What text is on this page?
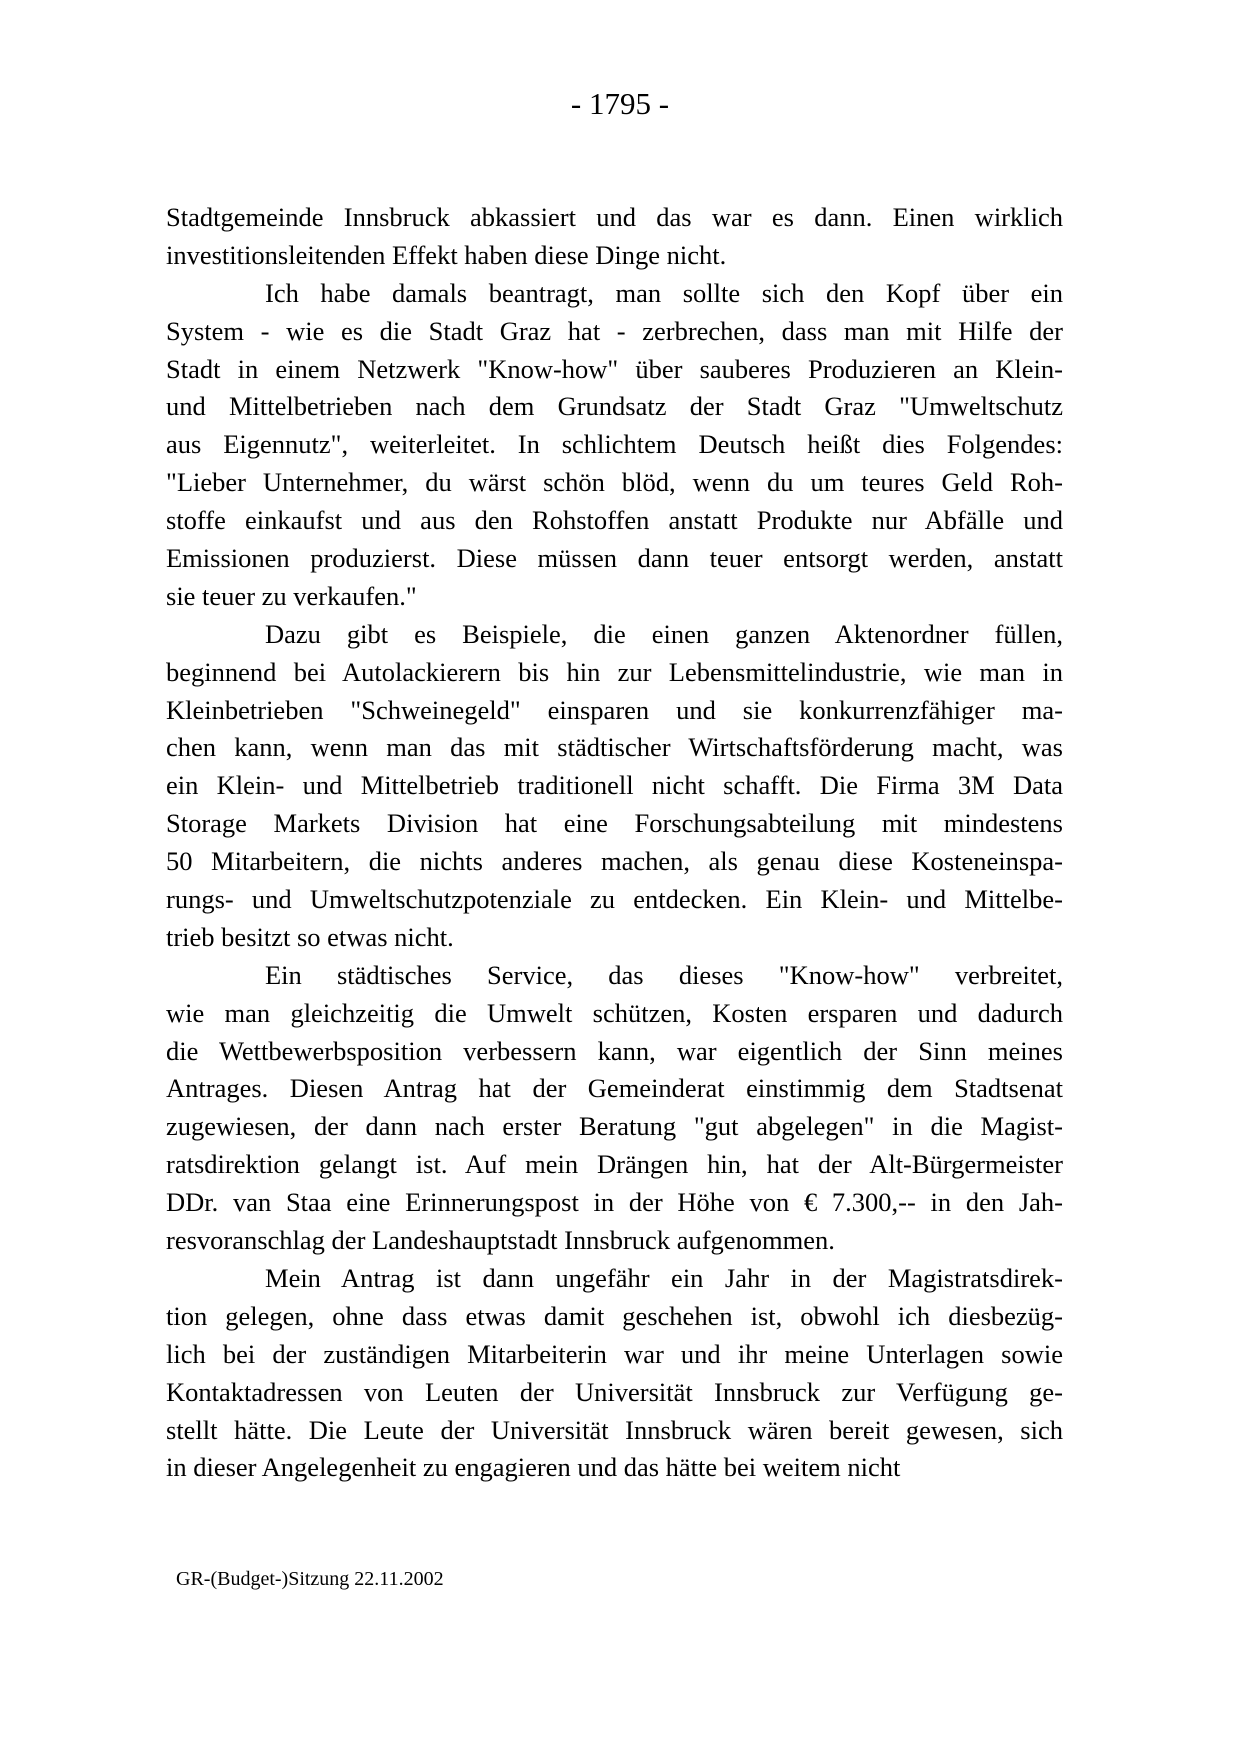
- 1795 -
Stadtgemeinde Innsbruck abkassiert und das war es dann. Einen wirklich
investitionsleitenden Effekt haben diese Dinge nicht.
Ich habe damals beantragt, man sollte sich den Kopf über ein
System - wie es die Stadt Graz hat - zerbrechen, dass man mit Hilfe der
Stadt in einem Netzwerk "Know-how" über sauberes Produzieren an Klein-
und Mittelbetrieben nach dem Grundsatz der Stadt Graz "Umweltschutz
aus Eigennutz", weiterleitet. In schlichtem Deutsch heißt dies Folgendes:
"Lieber Unternehmer, du wärst schön blöd, wenn du um teures Geld Roh-
stoffe einkaufst und aus den Rohstoffen anstatt Produkte nur Abfälle und
Emissionen produzierst. Diese müssen dann teuer entsorgt werden, anstatt
sie teuer zu verkaufen."
Dazu gibt es Beispiele, die einen ganzen Aktenordner füllen,
beginnend bei Autolackierern bis hin zur Lebensmittelindustrie, wie man in
Kleinbetrieben "Schweinegeld" einsparen und sie konkurrenzfähiger ma-
chen kann, wenn man das mit städtischer Wirtschaftsförderung macht, was
ein Klein- und Mittelbetrieb traditionell nicht schafft. Die Firma 3M Data
Storage Markets Division hat eine Forschungsabteilung mit mindestens
50 Mitarbeitern, die nichts anderes machen, als genau diese Kosteneinspa-
rungs- und Umweltschutzpotenziale zu entdecken. Ein Klein- und Mittelbe-
trieb besitzt so etwas nicht.
Ein städtisches Service, das dieses "Know-how" verbreitet,
wie man gleichzeitig die Umwelt schützen, Kosten ersparen und dadurch
die Wettbewerbsposition verbessern kann, war eigentlich der Sinn meines
Antrages. Diesen Antrag hat der Gemeinderat einstimmig dem Stadtsenat
zugewiesen, der dann nach erster Beratung "gut abgelegen" in die Magist-
ratsdirektion gelangt ist. Auf mein Drängen hin, hat der Alt-Bürgermeister
DDr. van Staa eine Erinnerungspost in der Höhe von € 7.300,-- in den Jah-
resvoranschlag der Landeshauptstadt Innsbruck aufgenommen.
Mein Antrag ist dann ungefähr ein Jahr in der Magistratsdirek-
tion gelegen, ohne dass etwas damit geschehen ist, obwohl ich diesbezüg-
lich bei der zuständigen Mitarbeiterin war und ihr meine Unterlagen sowie
Kontaktadressen von Leuten der Universität Innsbruck zur Verfügung ge-
stellt hätte. Die Leute der Universität Innsbruck wären bereit gewesen, sich
in dieser Angelegenheit zu engagieren und das hätte bei weitem nicht
GR-(Budget-)Sitzung 22.11.2002
